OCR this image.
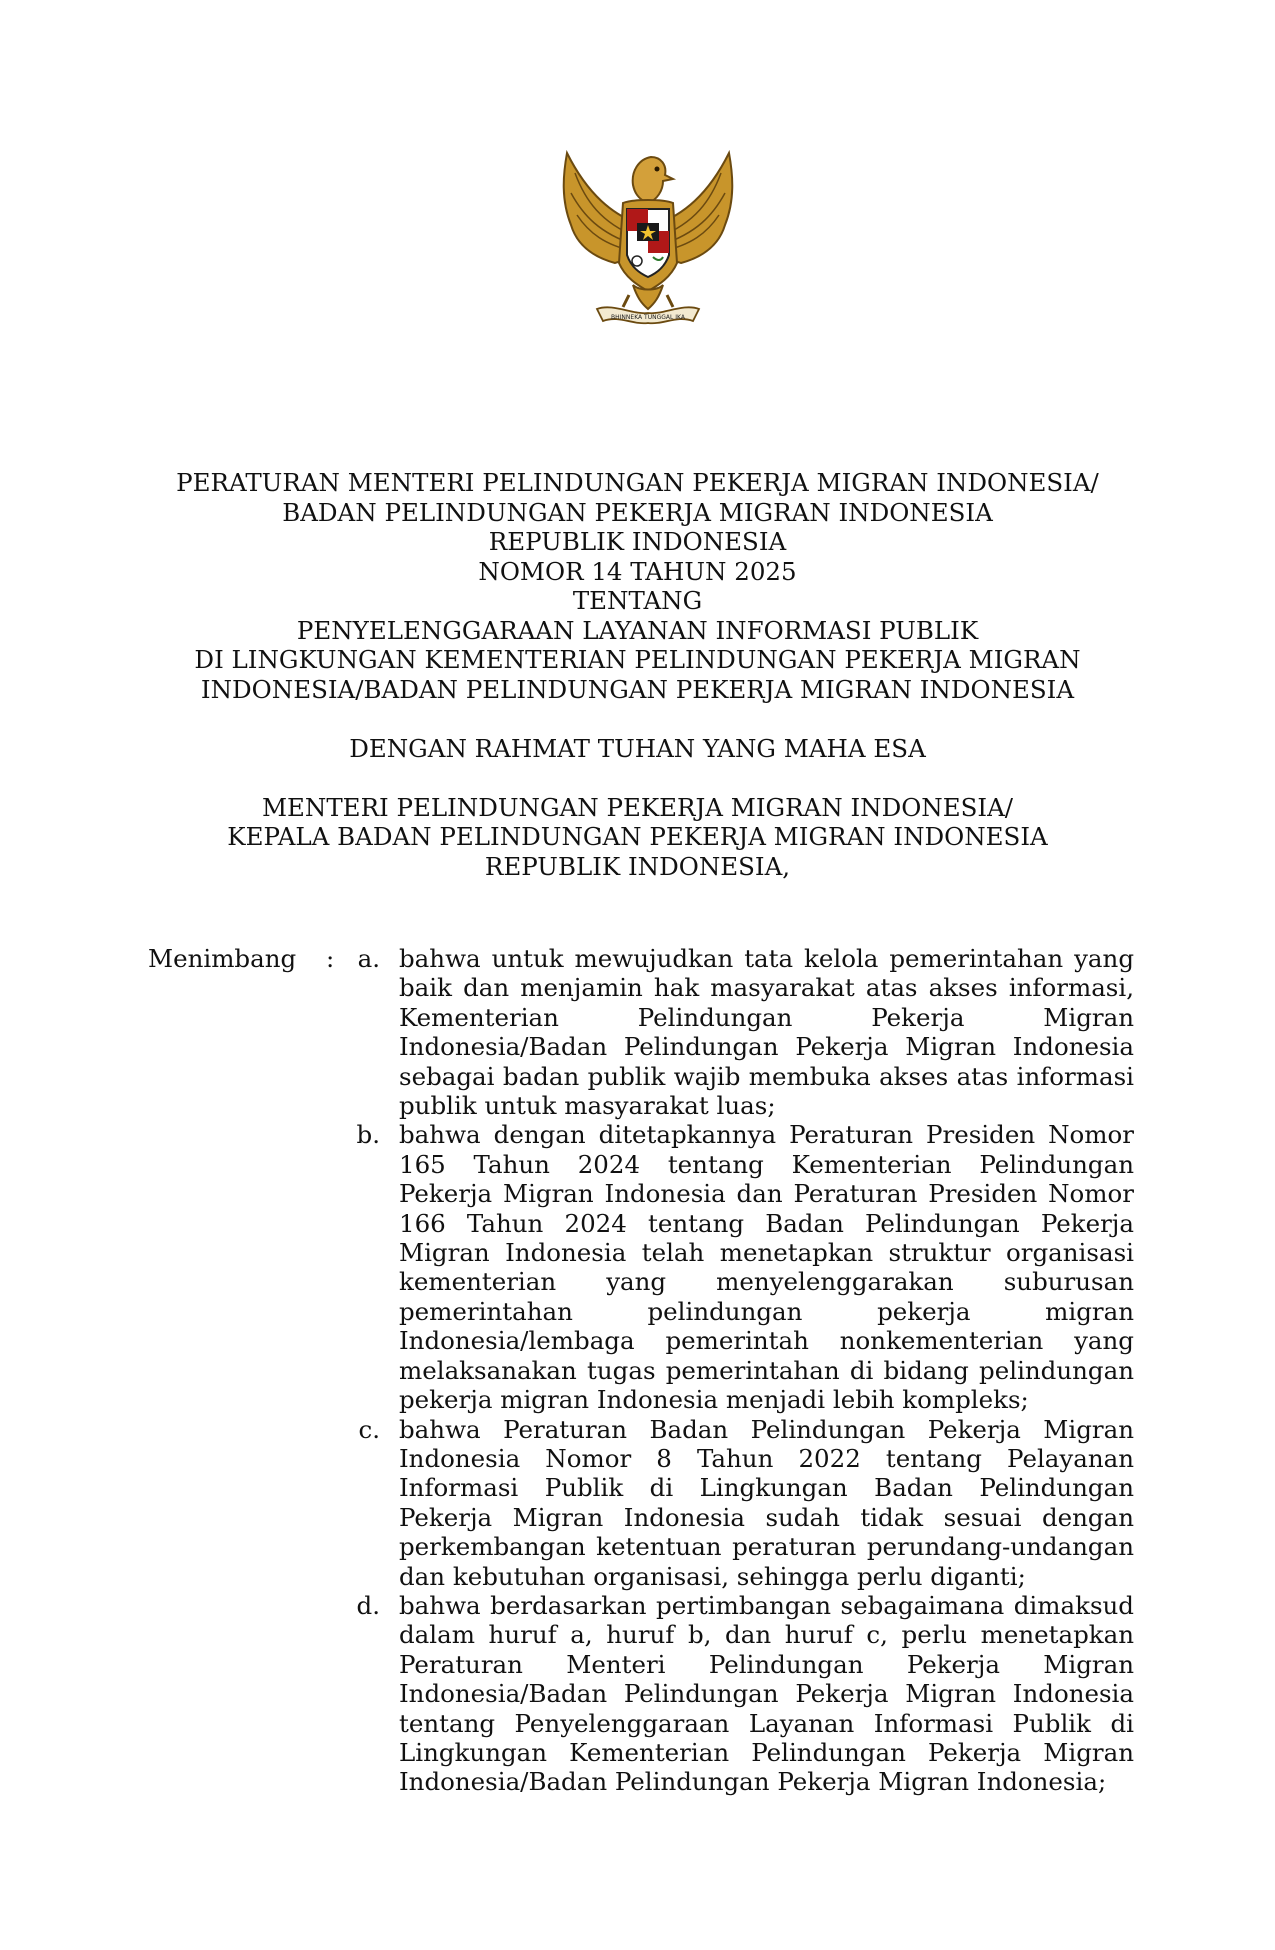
BHINNEKA TUNGGAL IKA
PERATURAN MENTERI PELINDUNGAN PEKERJA MIGRAN INDONESIA/
BADAN PELINDUNGAN PEKERJA MIGRAN INDONESIA
REPUBLIK INDONESIA
NOMOR 14 TAHUN 2025
TENTANG
PENYELENGGARAAN LAYANAN INFORMASI PUBLIK
DI LINGKUNGAN KEMENTERIAN PELINDUNGAN PEKERJA MIGRAN
INDONESIA/BADAN PELINDUNGAN PEKERJA MIGRAN INDONESIA
DENGAN RAHMAT TUHAN YANG MAHA ESA
MENTERI PELINDUNGAN PEKERJA MIGRAN INDONESIA/
KEPALA BADAN PELINDUNGAN PEKERJA MIGRAN INDONESIA
REPUBLIK INDONESIA,
Menimbang : a. bahwa untuk mewujudkan tata kelola pemerintahan yang baik dan menjamin hak masyarakat atas akses informasi, Kementerian Pelindungan Pekerja Migran Indonesia/Badan Pelindungan Pekerja Migran Indonesia sebagai badan publik wajib membuka akses atas informasi publik untuk masyarakat luas;

b. bahwa dengan ditetapkannya Peraturan Presiden Nomor 165 Tahun 2024 tentang Kementerian Pelindungan Pekerja Migran Indonesia dan Peraturan Presiden Nomor 166 Tahun 2024 tentang Badan Pelindungan Pekerja Migran Indonesia telah menetapkan struktur organisasi kementerian yang menyelenggarakan suburusan pemerintahan pelindungan pekerja migran Indonesia/lembaga pemerintah nonkementerian yang melaksanakan tugas pemerintahan di bidang pelindungan pekerja migran Indonesia menjadi lebih kompleks;

c. bahwa Peraturan Badan Pelindungan Pekerja Migran Indonesia Nomor 8 Tahun 2022 tentang Pelayanan Informasi Publik di Lingkungan Badan Pelindungan Pekerja Migran Indonesia sudah tidak sesuai dengan perkembangan ketentuan peraturan perundang-undangan dan kebutuhan organisasi, sehingga perlu diganti;

d. bahwa berdasarkan pertimbangan sebagaimana dimaksud dalam huruf a, huruf b, dan huruf c, perlu menetapkan Peraturan Menteri Pelindungan Pekerja Migran Indonesia/Badan Pelindungan Pekerja Migran Indonesia tentang Penyelenggaraan Layanan Informasi Publik di Lingkungan Kementerian Pelindungan Pekerja Migran Indonesia/Badan Pelindungan Pekerja Migran Indonesia;
